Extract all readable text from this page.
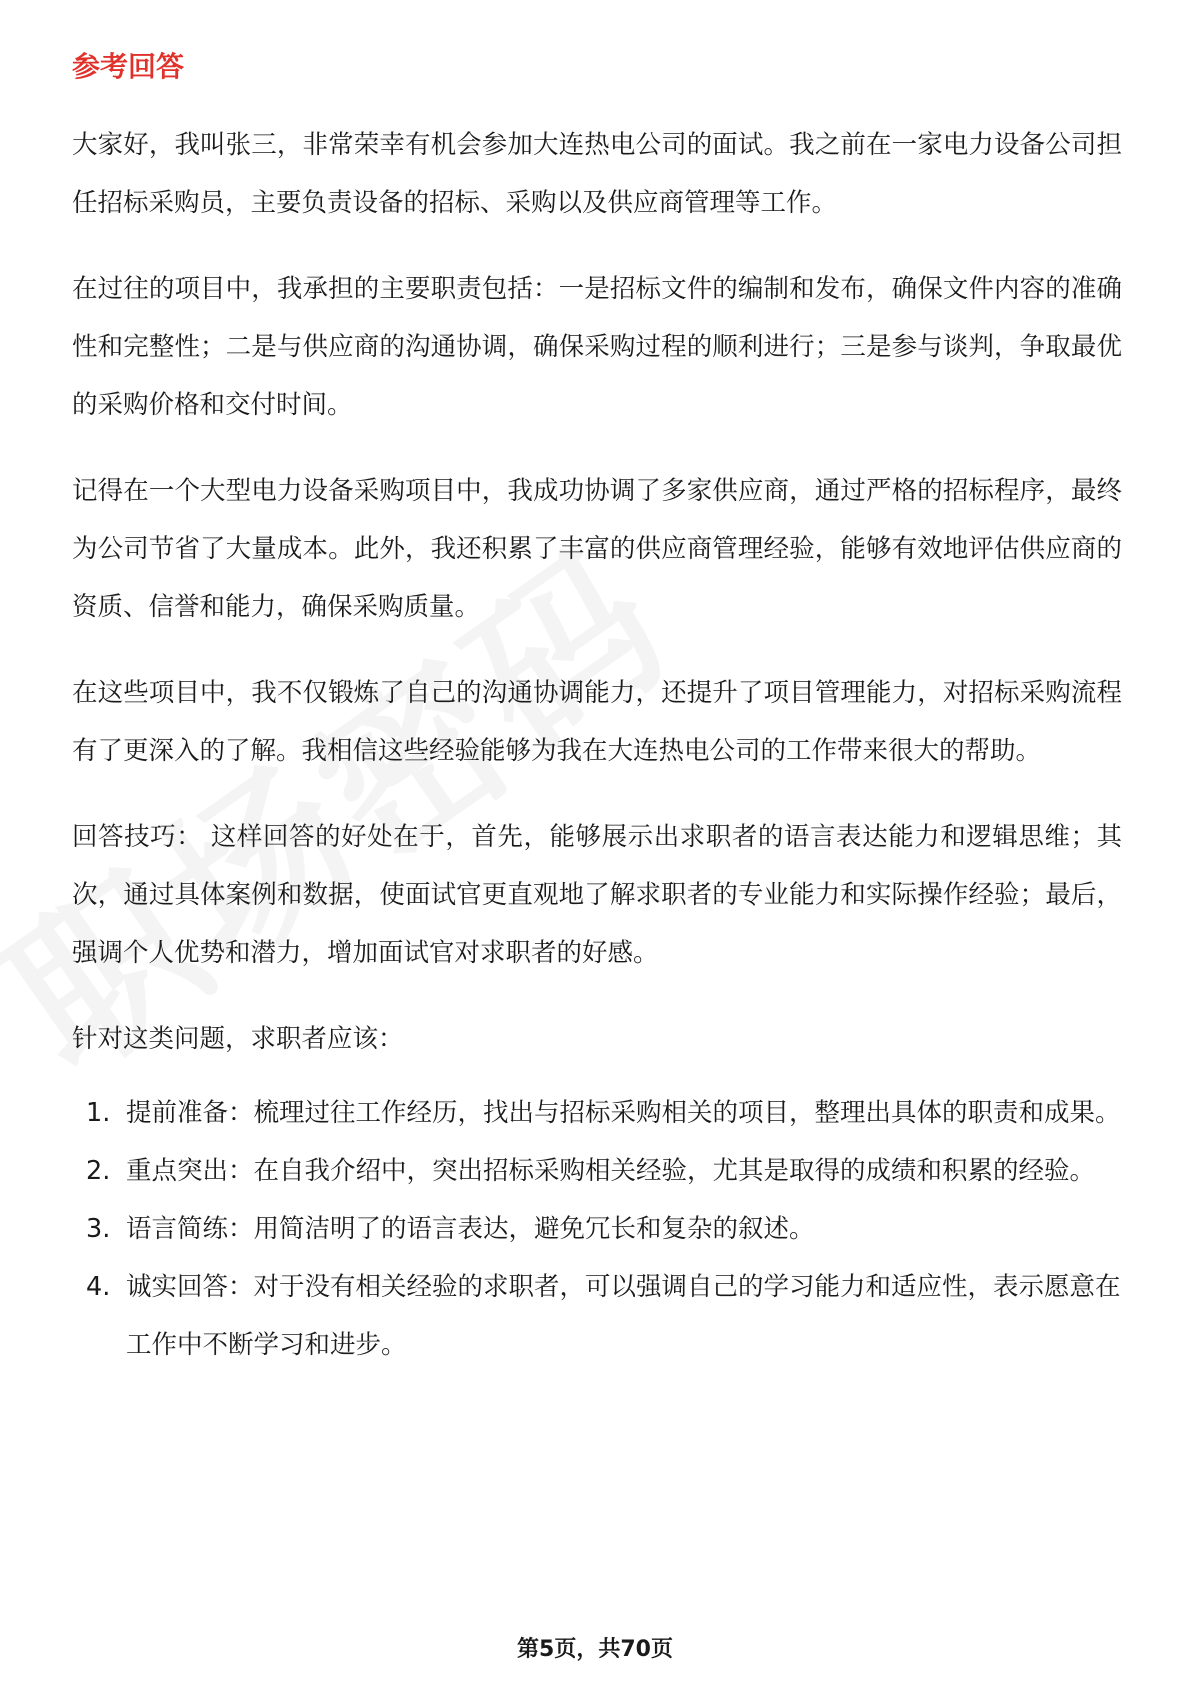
参考回答

大家好，我叫张三，非常荣幸有机会参加大连热电公司的面试。我之前在一家电力设备公司担任招标采购员，主要负责设备的招标、采购以及供应商管理等工作。

在过往的项目中，我承担的主要职责包括：一是招标文件的编制和发布，确保文件内容的准确性和完整性；二是与供应商的沟通协调，确保采购过程的顺利进行；三是参与谈判，争取最优的采购价格和交付时间。

记得在一个大型电力设备采购项目中，我成功协调了多家供应商，通过严格的招标程序，最终为公司节省了大量成本。此外，我还积累了丰富的供应商管理经验，能够有效地评估供应商的资质、信誉和能力，确保采购质量。

在这些项目中，我不仅锻炼了自己的沟通协调能力，还提升了项目管理能力，对招标采购流程有了更深入的了解。我相信这些经验能够为我在大连热电公司的工作带来很大的帮助。

回答技巧： 这样回答的好处在于，首先，能够展示出求职者的语言表达能力和逻辑思维；其次，通过具体案例和数据，使面试官更直观地了解求职者的专业能力和实际操作经验；最后，强调个人优势和潜力，增加面试官对求职者的好感。

针对这类问题，求职者应该：

1. 提前准备：梳理过往工作经历，找出与招标采购相关的项目，整理出具体的职责和成果。
2. 重点突出：在自我介绍中，突出招标采购相关经验，尤其是取得的成绩和积累的经验。
3. 语言简练：用简洁明了的语言表达，避免冗长和复杂的叙述。
4. 诚实回答：对于没有相关经验的求职者，可以强调自己的学习能力和适应性，表示愿意在工作中不断学习和进步。
第5页，共70页
